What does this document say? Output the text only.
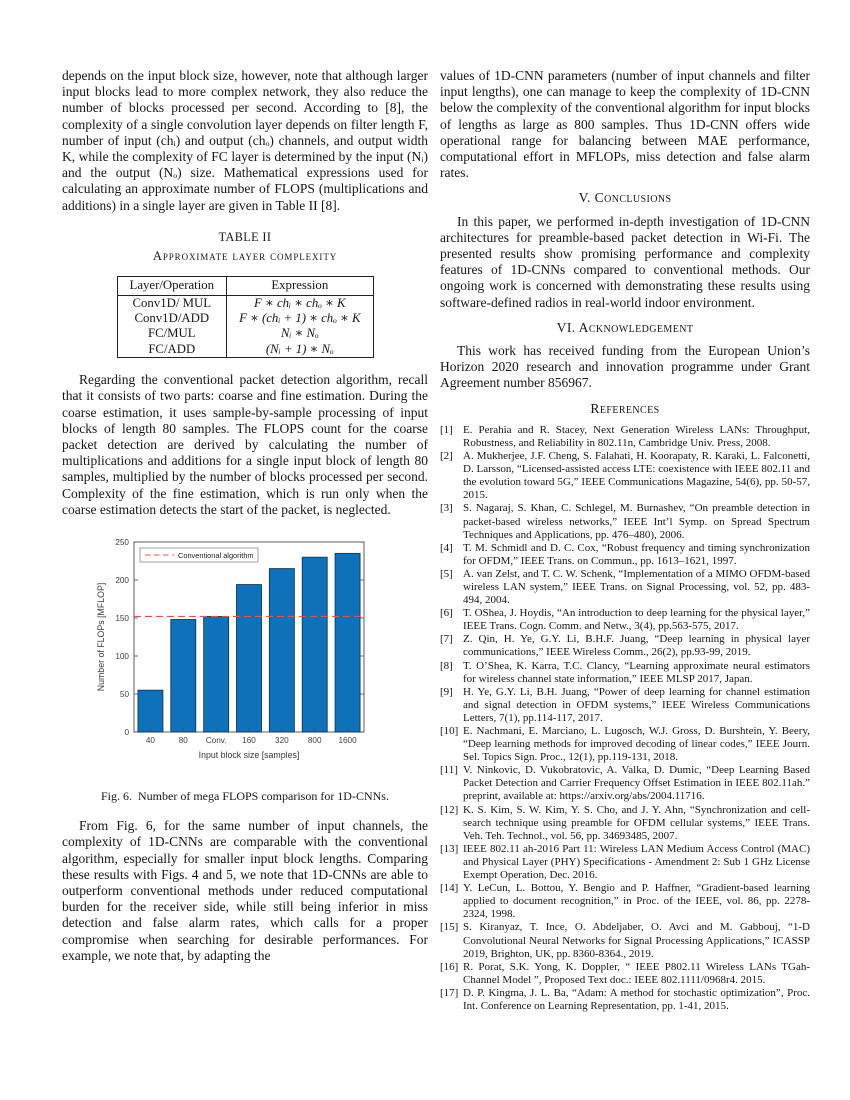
depends on the input block size, however, note that although larger input blocks lead to more complex network, they also reduce the number of blocks processed per second. According to [8], the complexity of a single convolution layer depends on filter length F, number of input (chᵢ) and output (chₒ) channels, and output width K, while the complexity of FC layer is determined by the input (Nᵢ) and the output (Nₒ) size. Mathematical expressions used for calculating an approximate number of FLOPS (multiplications and additions) in a single layer are given in Table II [8].

TABLE II
Approximate layer complexity
Layer/Operation	Expression
Conv1D/ MUL	F ∗ chᵢ ∗ chₒ ∗ K
Conv1D/ADD	F ∗ (chᵢ + 1) ∗ chₒ ∗ K
FC/MUL	Nᵢ ∗ Nₒ
FC/ADD	(Nᵢ + 1) ∗ Nₒ

Regarding the conventional packet detection algorithm, recall that it consists of two parts: coarse and fine estimation. During the coarse estimation, it uses sample-by-sample processing of input blocks of length 80 samples. The FLOPS count for the coarse packet detection are derived by calculating the number of multiplications and additions for a single input block of length 80 samples, multiplied by the number of blocks processed per second. Complexity of the fine estimation, which is run only when the coarse estimation detects the start of the packet, is neglected.

0
50
100
150
200
250
40	80 Conv. 160 320 800 1600
Input block size [samples]
Number of FLOPs [MFLOP]
Conventional algorithm
Fig. 6. Number of mega FLOPS comparison for 1D-CNNs.

From Fig. 6, for the same number of input channels, the complexity of 1D-CNNs are comparable with the conventional algorithm, especially for smaller input block lengths. Comparing these results with Figs. 4 and 5, we note that 1D-CNNs are able to outperform conventional methods under reduced computational burden for the receiver side, while still being inferior in miss detection and false alarm rates, which calls for a proper compromise when searching for desirable performances. For example, we note that, by adapting the

values of 1D-CNN parameters (number of input channels and filter input lengths), one can manage to keep the complexity of 1D-CNN below the complexity of the conventional algorithm for input blocks of lengths as large as 800 samples. Thus 1D-CNN offers wide operational range for balancing between MAE performance, computational effort in MFLOPs, miss detection and false alarm rates.

V. Conclusions

In this paper, we performed in-depth investigation of 1D-CNN architectures for preamble-based packet detection in Wi-Fi. The presented results show promising performance and complexity features of 1D-CNNs compared to conventional methods. Our ongoing work is concerned with demonstrating these results using software-defined radios in real-world indoor environment.

VI. Acknowledgement

This work has received funding from the European Union’s Horizon 2020 research and innovation programme under Grant Agreement number 856967.

References
[1] E. Perahia and R. Stacey, Next Generation Wireless LANs: Throughput, Robustness, and Reliability in 802.11n, Cambridge Univ. Press, 2008.
[2] A. Mukherjee, J.F. Cheng, S. Falahati, H. Koorapaty, R. Karaki, L. Falconetti, D. Larsson, “Licensed-assisted access LTE: coexistence with IEEE 802.11 and the evolution toward 5G,” IEEE Communications Magazine, 54(6), pp. 50-57, 2015.
[3] S. Nagaraj, S. Khan, C. Schlegel, M. Burnashev, “On preamble detection in packet-based wireless networks,” IEEE Int’l Symp. on Spread Spectrum Techniques and Applications, pp. 476–480), 2006.
[4] T. M. Schmidl and D. C. Cox, “Robust frequency and timing synchronization for OFDM,” IEEE Trans. on Commun., pp. 1613–1621, 1997.
[5] A. van Zelst, and T. C. W. Schenk, “Implementation of a MIMO OFDM-based wireless LAN system,” IEEE Trans. on Signal Processing, vol. 52, pp. 483-494, 2004.
[6] T. OShea, J. Hoydis, “An introduction to deep learning for the physical layer,” IEEE Trans. Cogn. Comm. and Netw., 3(4), pp.563-575, 2017.
[7] Z. Qin, H. Ye, G.Y. Li, B.H.F. Juang, “Deep learning in physical layer communications,” IEEE Wireless Comm., 26(2), pp.93-99, 2019.
[8] T. O’Shea, K. Karra, T.C. Clancy, “Learning approximate neural estimators for wireless channel state information,” IEEE MLSP 2017, Japan.
[9] H. Ye, G.Y. Li, B.H. Juang, “Power of deep learning for channel estimation and signal detection in OFDM systems,” IEEE Wireless Communications Letters, 7(1), pp.114-117, 2017.
[10] E. Nachmani, E. Marciano, L. Lugosch, W.J. Gross, D. Burshtein, Y. Beery, “Deep learning methods for improved decoding of linear codes,” IEEE Journ. Sel. Topics Sign. Proc., 12(1), pp.119-131, 2018.
[11] V. Ninkovic, D. Vukobratovic, A. Valka, D. Dumic, “Deep Learning Based Packet Detection and Carrier Frequency Offset Estimation in IEEE 802.11ah.” preprint, available at: https://arxiv.org/abs/2004.11716.
[12] K. S. Kim, S. W. Kim, Y. S. Cho, and J. Y. Ahn, “Synchronization and cell-search technique using preamble for OFDM cellular systems,” IEEE Trans. Veh. Teh. Technol., vol. 56, pp. 34693485, 2007.
[13] IEEE 802.11 ah-2016 Part 11: Wireless LAN Medium Access Control (MAC) and Physical Layer (PHY) Specifications - Amendment 2: Sub 1 GHz License Exempt Operation, Dec. 2016.
[14] Y. LeCun, L. Bottou, Y. Bengio and P. Haffner, “Gradient-based learning applied to document recognition,” in Proc. of the IEEE, vol. 86, pp. 2278-2324, 1998.
[15] S. Kiranyaz, T. Ince, O. Abdeljaber, O. Avci and M. Gabbouj, “1-D Convolutional Neural Networks for Signal Processing Applications,” ICASSP 2019, Brighton, UK, pp. 8360-8364., 2019.
[16] R. Porat, S.K. Yong, K. Doppler, “ IEEE P802.11 Wireless LANs TGah-Channel Model ”, Proposed Text doc.: IEEE 802.1111/0968r4. 2015.
[17] D. P. Kingma, J. L. Ba, “Adam: A method for stochastic optimization”, Proc. Int. Conference on Learning Representation, pp. 1-41, 2015.
